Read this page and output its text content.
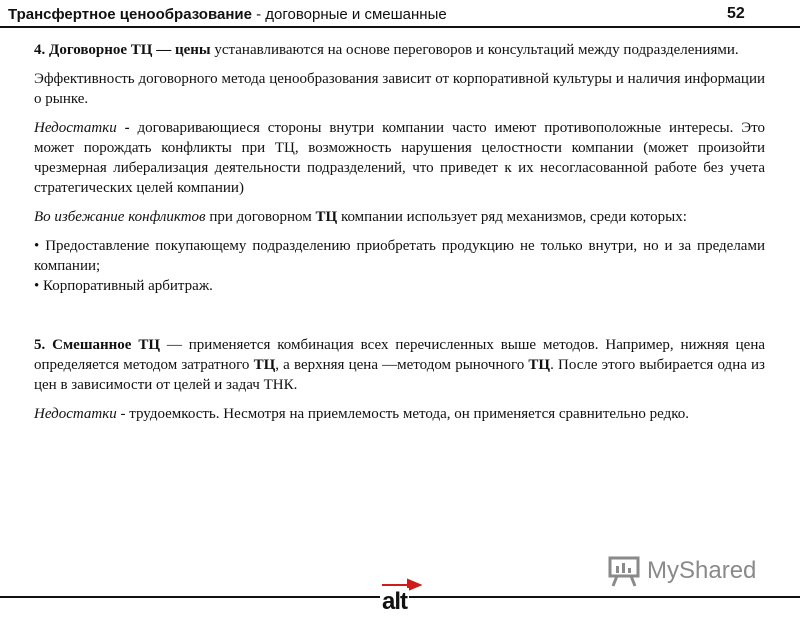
Трансфертное ценообразование - договорные и смешанные	52

4. Договорное ТЦ — цены устанавливаются на основе переговоров и консультаций между подразделениями.

Эффективность договорного метода ценообразования зависит от корпоративной культуры и наличия информации о рынке.

Недостатки - договаривающиеся стороны внутри компании часто имеют противоположные интересы. Это может порождать конфликты при ТЦ, возможность нарушения целостности компании (может произойти чрезмерная либерализация деятельности подразделений, что приведет к их несогласованной работе без учета стратегических целей компании)

Во избежание конфликтов при договорном ТЦ компании использует ряд механизмов, среди которых:

• Предоставление покупающему подразделению приобретать продукцию не только внутри, но и за пределами компании;

• Корпоративный арбитраж.

5. Смешанное ТЦ — применяется комбинация всех перечисленных выше методов. Например, нижняя цена определяется методом затратного ТЦ, а верхняя цена —методом рыночного ТЦ. После этого выбирается одна из цен в зависимости от целей и задач ТНК.

Недостатки - трудоемкость. Несмотря на приемлемость метода, он применяется сравнительно редко.

MyShared
alt
